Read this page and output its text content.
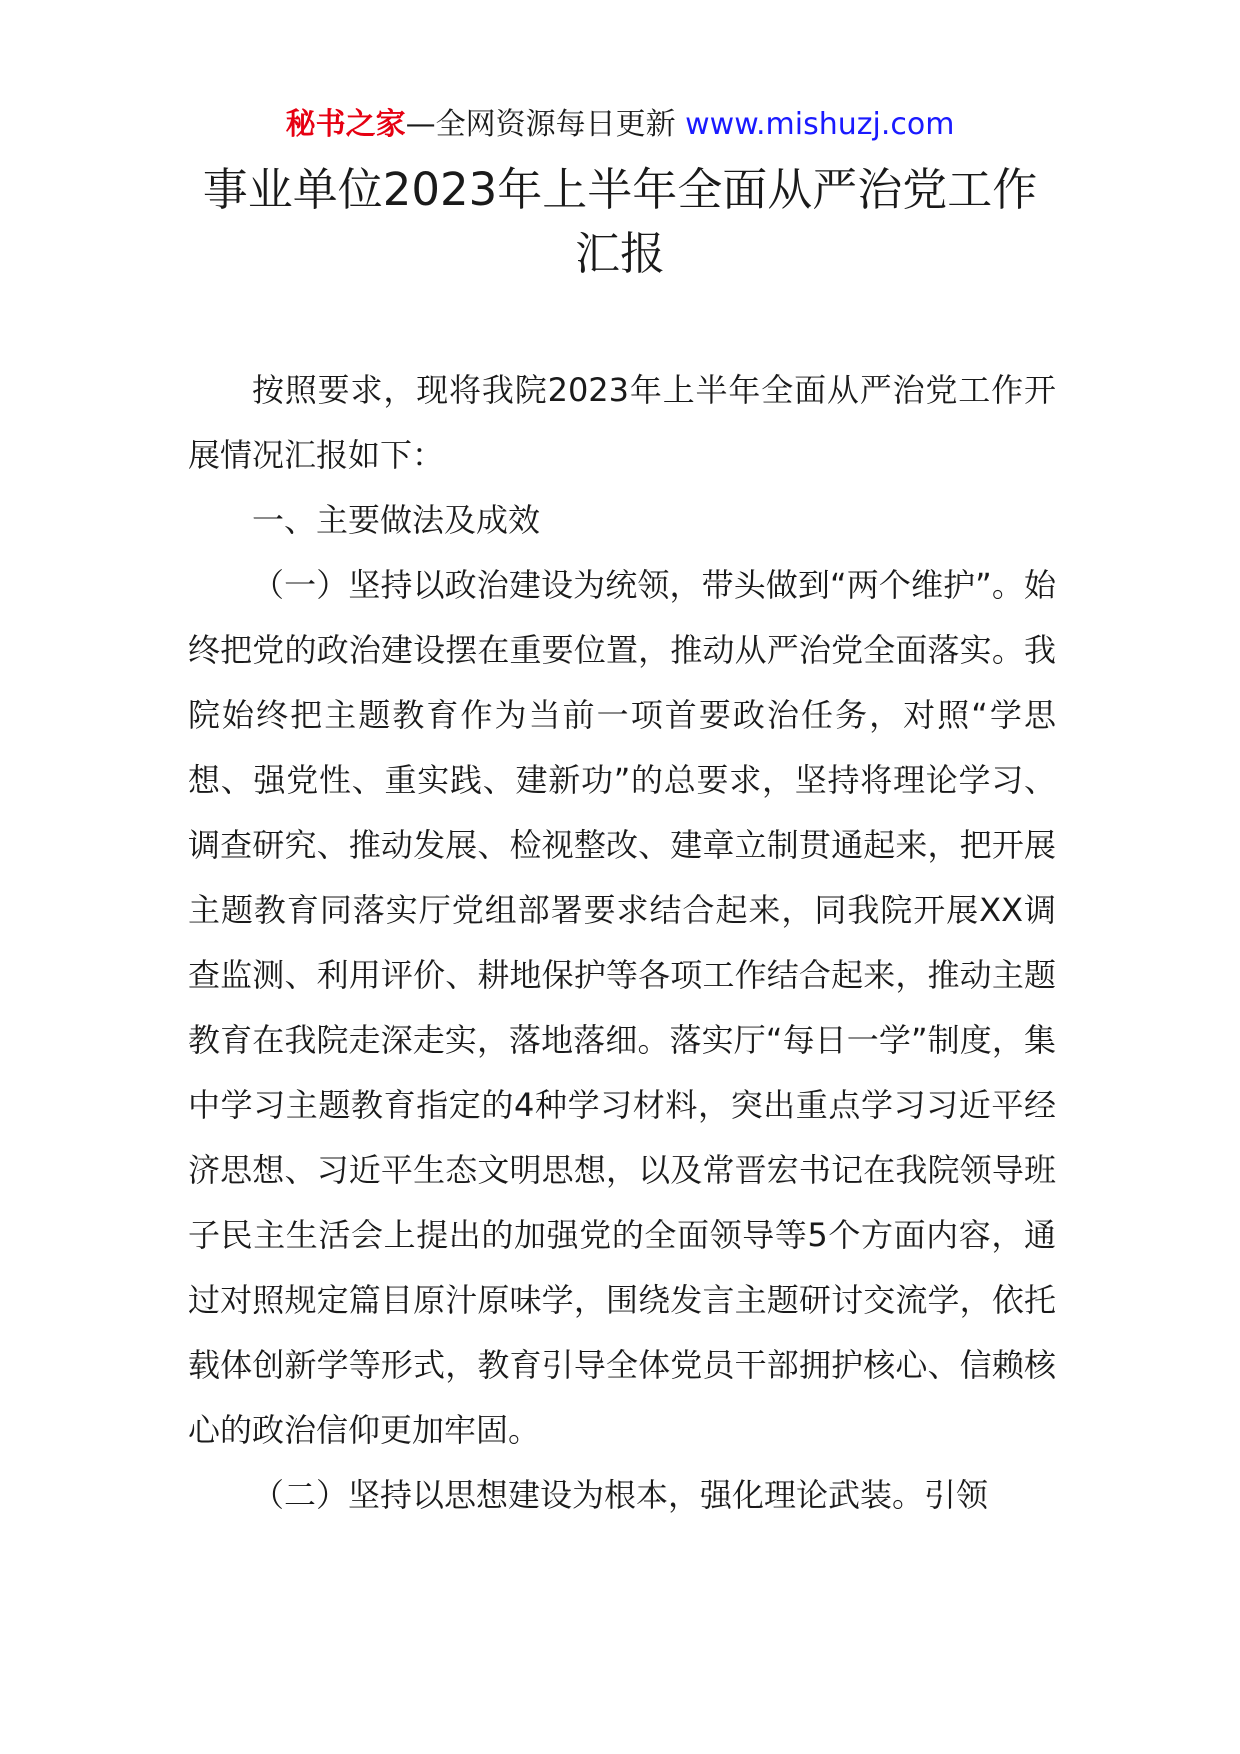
秘书之家—全网资源每日更新 www.mishuzj.com
事业单位2023年上半年全面从严治党工作
汇报

按照要求，现将我院2023年上半年全面从严治党工作开展情况汇报如下：

一、主要做法及成效

（一）坚持以政治建设为统领，带头做到“两个维护”。始终把党的政治建设摆在重要位置，推动从严治党全面落实。我院始终把主题教育作为当前一项首要政治任务，对照“学思想、强党性、重实践、建新功”的总要求，坚持将理论学习、调查研究、推动发展、检视整改、建章立制贯通起来，把开展主题教育同落实厅党组部署要求结合起来，同我院开展XX调查监测、利用评价、耕地保护等各项工作结合起来，推动主题教育在我院走深走实，落地落细。落实厅“每日一学”制度，集中学习主题教育指定的4种学习材料，突出重点学习习近平经济思想、习近平生态文明思想，以及常晋宏书记在我院领导班子民主生活会上提出的加强党的全面领导等5个方面内容，通过对照规定篇目原汁原味学，围绕发言主题研讨交流学，依托载体创新学等形式，教育引导全体党员干部拥护核心、信赖核心的政治信仰更加牢固。

（二）坚持以思想建设为根本，强化理论武装。引领
